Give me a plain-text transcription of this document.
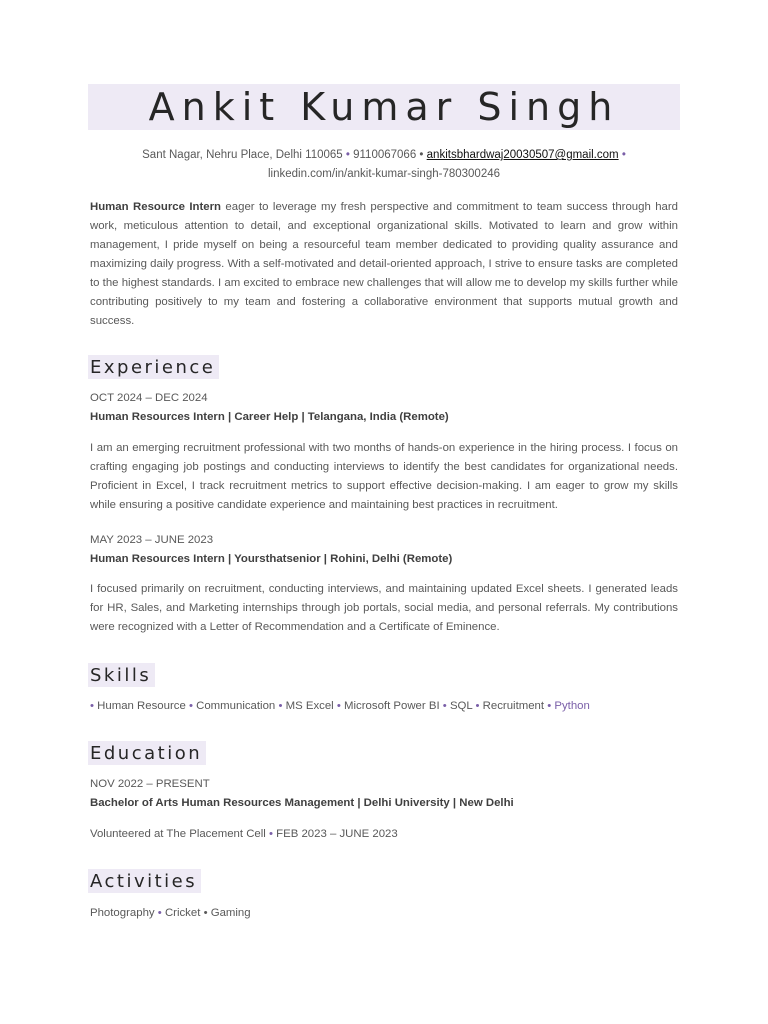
Ankit Kumar Singh
Sant Nagar, Nehru Place, Delhi 110065 • 9110067066 • ankitsbhardwaj20030507@gmail.com •
linkedin.com/in/ankit-kumar-singh-780300246
Human Resource Intern eager to leverage my fresh perspective and commitment to team success through hard work, meticulous attention to detail, and exceptional organizational skills. Motivated to learn and grow within management, I pride myself on being a resourceful team member dedicated to providing quality assurance and maximizing daily progress. With a self-motivated and detail-oriented approach, I strive to ensure tasks are completed to the highest standards. I am excited to embrace new challenges that will allow me to develop my skills further while contributing positively to my team and fostering a collaborative environment that supports mutual growth and success.
Experience
OCT 2024 – DEC 2024
Human Resources Intern | Career Help | Telangana, India (Remote)
I am an emerging recruitment professional with two months of hands-on experience in the hiring process. I focus on crafting engaging job postings and conducting interviews to identify the best candidates for organizational needs. Proficient in Excel, I track recruitment metrics to support effective decision-making. I am eager to grow my skills while ensuring a positive candidate experience and maintaining best practices in recruitment.
MAY 2023 – JUNE 2023
Human Resources Intern | Yoursthatsenior | Rohini, Delhi (Remote)
I focused primarily on recruitment, conducting interviews, and maintaining updated Excel sheets. I generated leads for HR, Sales, and Marketing internships through job portals, social media, and personal referrals. My contributions were recognized with a Letter of Recommendation and a Certificate of Eminence.
Skills
• Human Resource • Communication • MS Excel • Microsoft Power BI • SQL • Recruitment • Python
Education
NOV 2022 – PRESENT
Bachelor of Arts Human Resources Management | Delhi University | New Delhi
Volunteered at The Placement Cell • FEB 2023 – JUNE 2023
Activities
Photography • Cricket • Gaming
